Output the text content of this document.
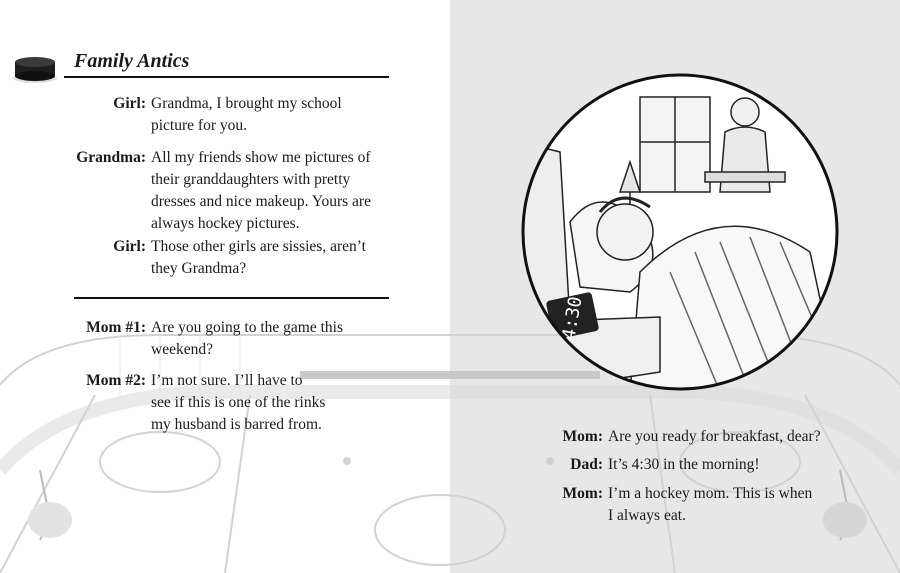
Family Antics
Girl: Grandma, I brought my school
picture for you.
Grandma: All my friends show me pictures of
their granddaughters with pretty
dresses and nice makeup. Yours are
always hockey pictures.
Girl: Those other girls are sissies, aren’t
they Grandma?
Mom #1: Are you going to the game this
weekend?
Mom #2: I’m not sure. I’ll have to
see if this is one of the rinks
my husband is barred from.
Mom: Are you ready for breakfast, dear?
Dad: It’s 4:30 in the morning!
Mom: I’m a hockey mom. This is when
I always eat.
4:30
